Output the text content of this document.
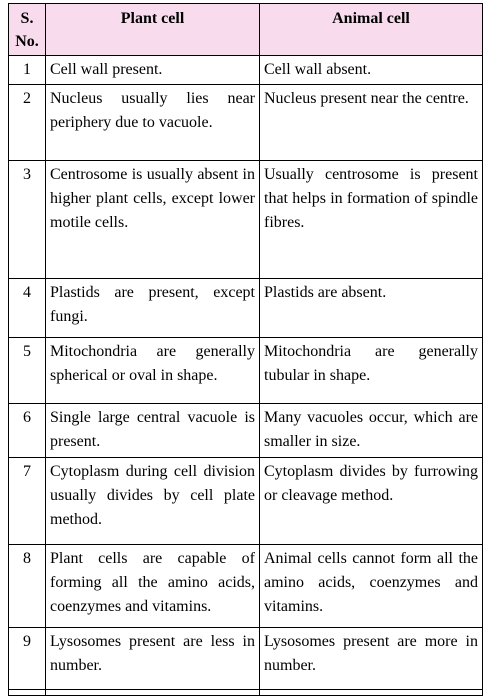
S. No.	Plant cell	Animal cell
1	Cell wall present.	Cell wall absent.
2	Nucleus usually lies near periphery due to vacuole.	Nucleus present near the centre.
3	Centrosome is usually absent in higher plant cells, except lower motile cells.	Usually centrosome is present that helps in formation of spindle fibres.
4	Plastids are present, except fungi.	Plastids are absent.
5	Mitochondria are generally spherical or oval in shape.	Mitochondria are generally tubular in shape.
6	Single large central vacuole is present.	Many vacuoles occur, which are smaller in size.
7	Cytoplasm during cell division usually divides by cell plate method.	Cytoplasm divides by furrowing or cleavage method.
8	Plant cells are capable of forming all the amino acids, coenzymes and vitamins.	Animal cells cannot form all the amino acids, coenzymes and vitamins.
9	Lysosomes present are less in number.	Lysosomes present are more in number.
